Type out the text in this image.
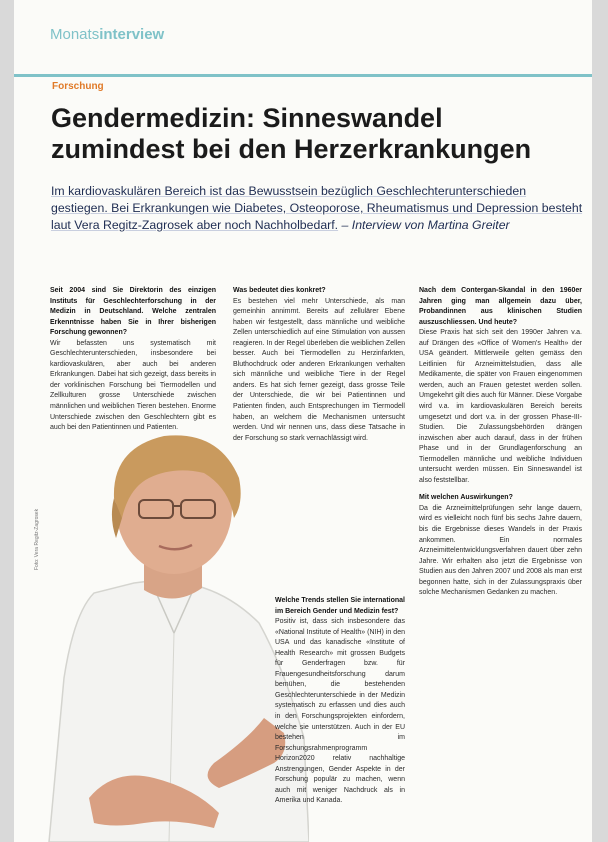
Monatsinterview
Forschung
Gendermedizin: Sinneswandel zumindest bei den Herzerkrankungen
Im kardiovaskulären Bereich ist das Bewusstsein bezüglich Geschlechterunterschieden gestiegen. Bei Erkrankungen wie Diabetes, Osteoporose, Rheumatismus und Depression besteht laut Vera Regitz-Zagrosek aber noch Nachholbedarf. – Interview von Martina Greiter
Foto: Vera Regitz-Zagrosek

Seit 2004 sind Sie Direktorin des einzigen Instituts für Geschlechterforschung in der Medizin in Deutschland. Welche zentralen Erkenntnisse haben Sie in Ihrer bisherigen Forschung gewonnen?

Wir befassten uns systematisch mit Geschlechterunterschieden, insbesondere bei kardiovaskulären, aber auch bei anderen Erkrankungen. Dabei hat sich gezeigt, dass bereits in der vorklinischen Forschung bei Tiermodellen und Zellkulturen grosse Unterschiede zwischen männlichen und weiblichen Tieren bestehen. Enorme Unterschiede zwischen den Geschlechtern gibt es auch bei den Patientinnen und Patienten.

Was bedeutet dies konkret?

Es bestehen viel mehr Unterschiede, als man gemeinhin annimmt. Bereits auf zellulärer Ebene haben wir festgestellt, dass männliche und weibliche Zellen unterschiedlich auf eine Stimulation von aussen reagieren. In der Regel überleben die weiblichen Zellen besser. Auch bei Tiermodellen zu Herzinfarkten, Bluthochdruck oder anderen Erkrankungen verhalten sich männliche und weibliche Tiere in der Regel anders. Es hat sich ferner gezeigt, dass grosse Teile der Unterschiede, die wir bei Patientinnen und Patienten finden, auch Entsprechungen im Tiermodell haben, an welchem die Mechanismen untersucht werden. Und wir nennen uns, dass diese Tatsache in der Forschung so stark vernachlässigt wird.

Welche Trends stellen Sie international im Bereich Gender und Medizin fest?

Positiv ist, dass sich insbesondere das «National Institute of Health» (NIH) in den USA und das kanadische «Institute of Health Research» mit grossen Budgets für Genderfragen bzw. für Frauengesundheitsforschung darum bemühen, die bestehenden Geschlechterunterschiede in der Medizin systematisch zu erfassen und dies auch in den Forschungsprojekten einfordern, welche sie unterstützen. Auch in der EU bestehen im Forschungsrahmenprogramm Horizon2020 relativ nachhaltige Anstrengungen, Gender Aspekte in der Forschung populär zu machen, wenn auch mit weniger Nachdruck als in Amerika und Kanada.

Nach dem Contergan-Skandal in den 1960er Jahren ging man allgemein dazu über, Probandinnen aus klinischen Studien auszuschliessen. Und heute?

Diese Praxis hat sich seit den 1990er Jahren v.a. auf Drängen des «Office of Women's Health» der USA geändert. Mittlerweile gelten gemäss den Leitlinien für Arzneimittelstudien, dass alle Medikamente, die später von Frauen eingenommen werden, auch an Frauen getestet werden sollen. Umgekehrt gilt dies auch für Männer. Diese Vorgabe wird v.a. im kardiovaskulären Bereich bereits umgesetzt und dort v.a. in der grossen Phase-III-Studien. Die Zulassungsbehörden drängen inzwischen aber auch darauf, dass in der frühen Phase und in der Grundlagenforschung an Tiermodellen männliche und weibliche Individuen untersucht werden müssen. Ein Sinneswandel ist also feststellbar.

Mit welchen Auswirkungen?

Da die Arzneimittelprüfungen sehr lange dauern, wird es vielleicht noch fünf bis sechs Jahre dauern, bis die Ergebnisse dieses Wandels in der Praxis ankommen. Ein normales Arzneimittelentwicklungsverfahren dauert über zehn Jahre. Wir erhalten also jetzt die Ergebnisse von Studien aus den Jahren 2007 und 2008 als man erst begonnen hatte, sich in der Zulassungspraxis über solche Mechanismen Gedanken zu machen.
